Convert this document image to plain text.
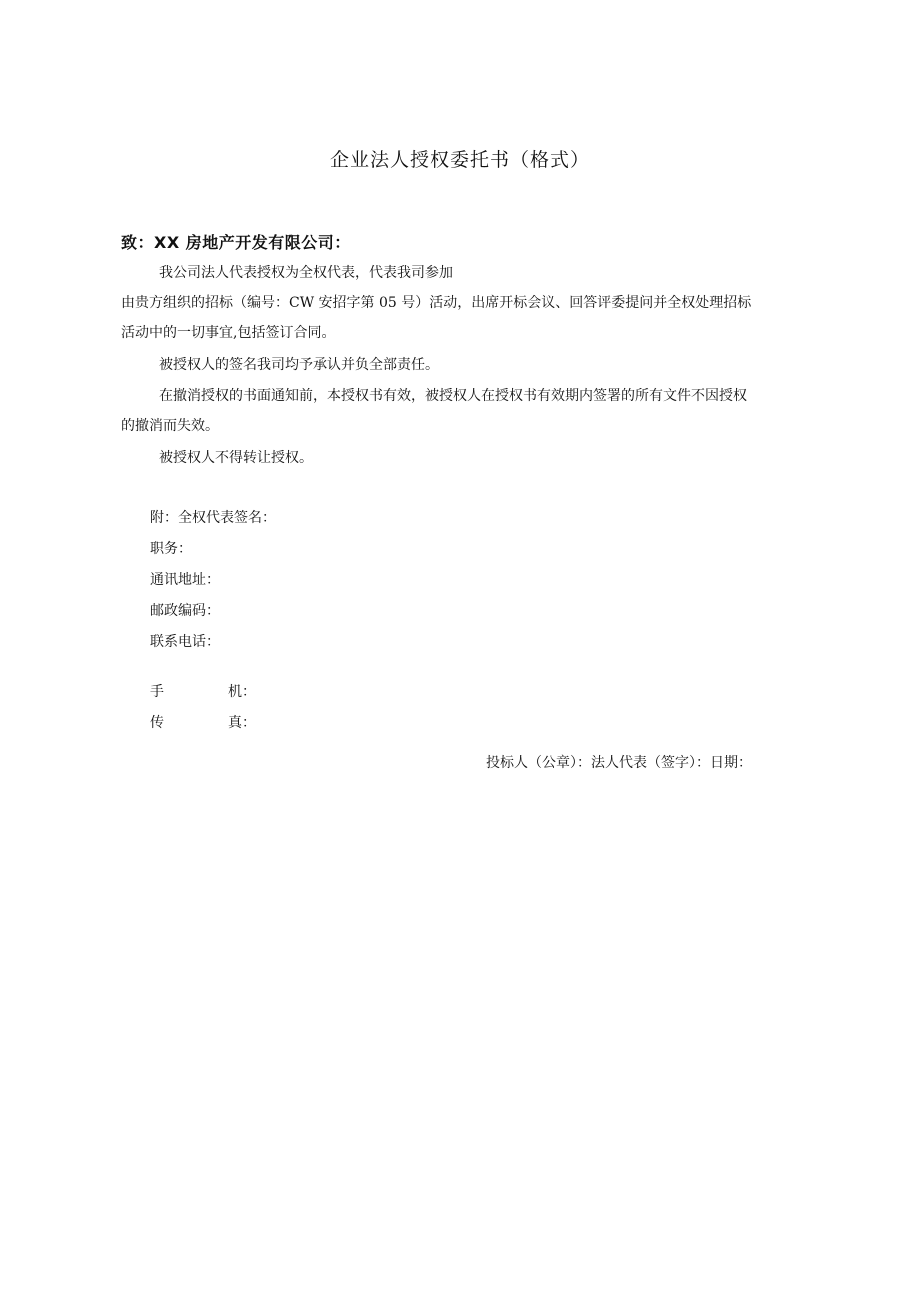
企业法人授权委托书（格式）
致：XX 房地产开发有限公司：

我公司法人代表授权为全权代表，代表我司参加

由贵方组织的招标（编号：CW 安招字第 05 号）活动，出席开标会议、回答评委提问并全权处理招标

活动中的一切事宜,包括签订合同。

被授权人的签名我司均予承认并负全部责任。

在撤消授权的书面通知前，本授权书有效，被授权人在授权书有效期内签署的所有文件不因授权

的撤消而失效。

被授权人不得转让授权。

附：全权代表签名：
职务：
通讯地址：
邮政编码：
联系电话：
手	机：
传	真：
投标人（公章）：法人代表（签字）：日期：
